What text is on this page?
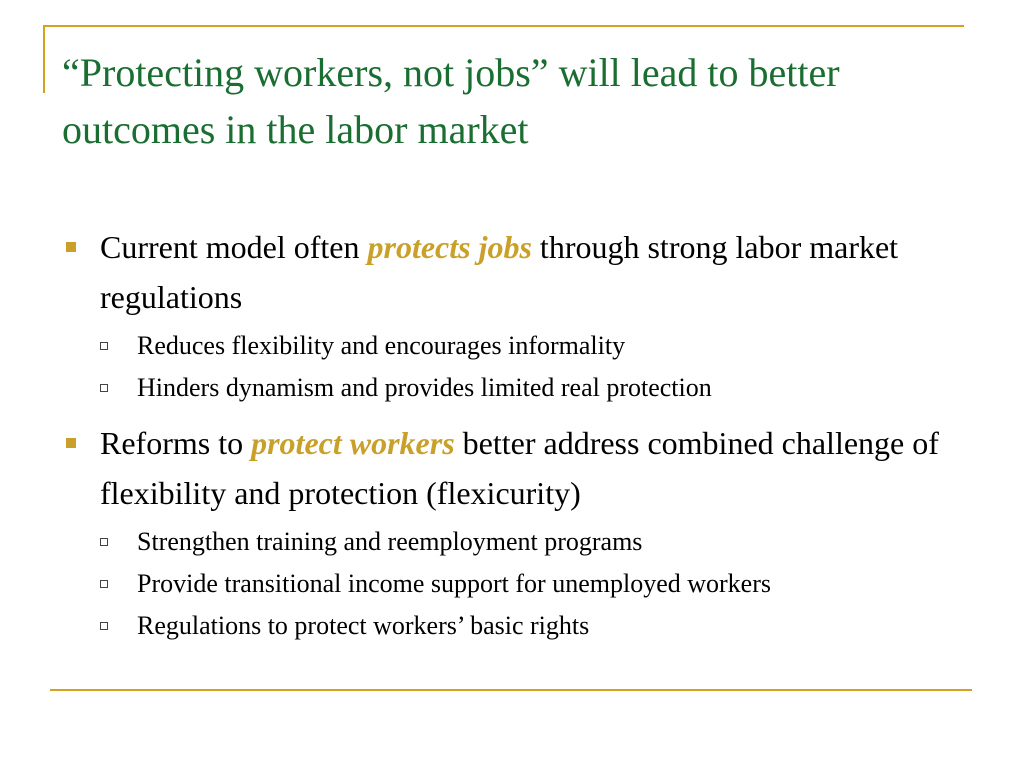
“Protecting workers, not jobs” will lead to better outcomes in the labor market
Current model often protects jobs through strong labor market regulations
Reduces flexibility and encourages informality
Hinders dynamism and provides limited real protection
Reforms to protect workers better address combined challenge of flexibility and protection (flexicurity)
Strengthen training and reemployment programs
Provide transitional income support for unemployed workers
Regulations to protect workers’ basic rights
